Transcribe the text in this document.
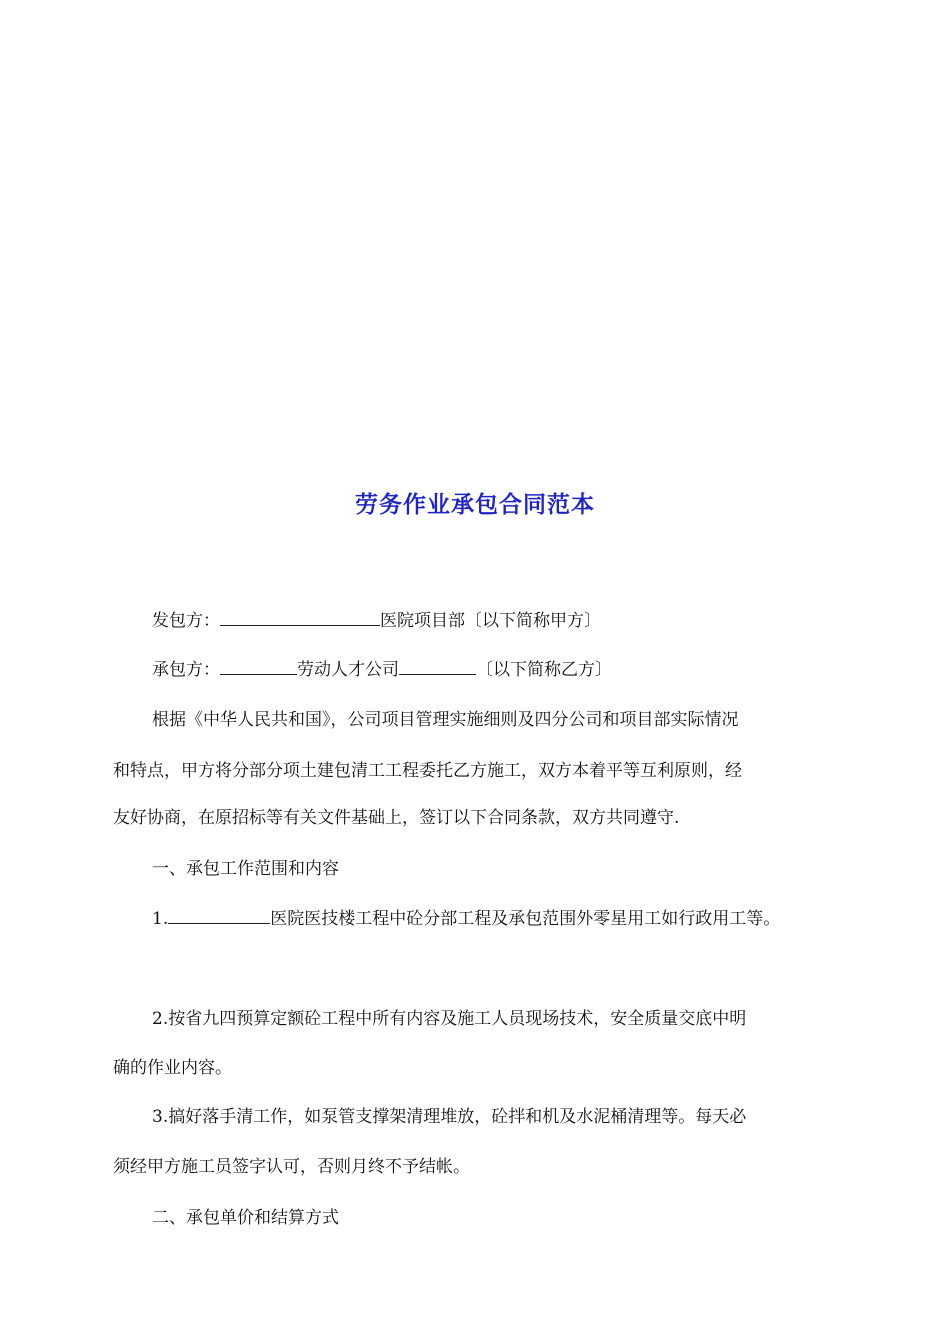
劳务作业承包合同范本
发包方：	医院项目部〔以下简称甲方〕
承包方：	劳动人才公司	〔以下简称乙方〕
根据《中华人民共和国》，公司项目管理实施细则及四分公司和项目部实际情况
和特点，甲方将分部分项土建包清工工程委托乙方施工，双方本着平等互利原则，经
友好协商，在原招标等有关文件基础上，签订以下合同条款，双方共同遵守.
一、承包工作范围和内容
1.	医院医技楼工程中砼分部工程及承包范围外零星用工如行政用工等。
2.按省九四预算定额砼工程中所有内容及施工人员现场技术，安全质量交底中明
确的作业内容。
3.搞好落手清工作，如泵管支撑架清理堆放，砼拌和机及水泥桶清理等。每天必
须经甲方施工员签字认可，否则月终不予结帐。
二、承包单价和结算方式
